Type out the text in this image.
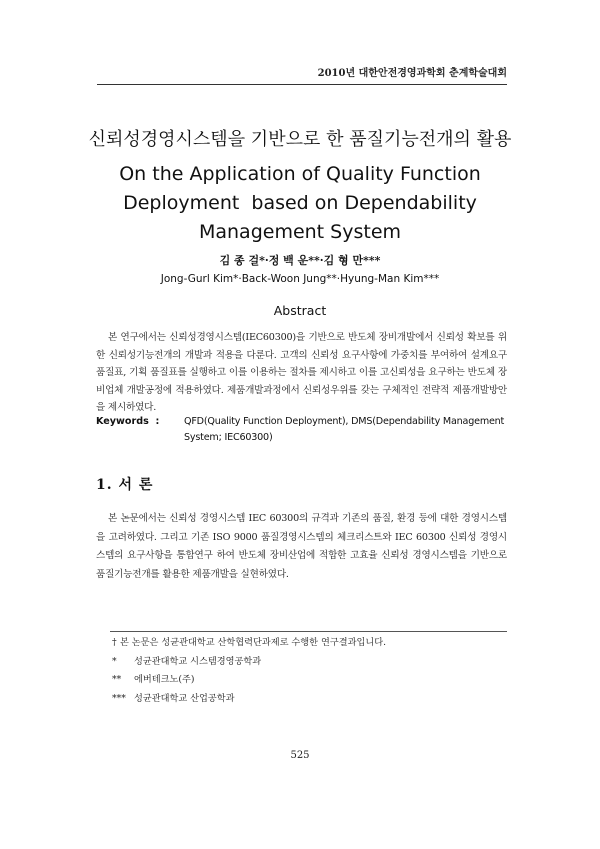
2010년 대한안전경영과학회 춘계학술대회
신뢰성경영시스템을 기반으로 한 품질기능전개의 활용
On the Application of Quality Function
Deployment  based on Dependability
Management System
김 종 걸*·정 백 운**·김 형 만***
Jong-Gurl Kim*·Back-Woon Jung**·Hyung-Man Kim***
Abstract
본 연구에서는 신뢰성경영시스템(IEC60300)을 기반으로 반도체 장비개발에서 신뢰성 확보를 위한 신뢰성기능전개의 개발과 적용을 다룬다. 고객의 신뢰성 요구사항에 가중치를 부여하여 설계요구 품질표, 기획 품질표를 실행하고 이를 이용하는 절차를 제시하고 이를 고신뢰성을 요구하는 반도체 장비업체 개발공정에 적용하였다. 제품개발과정에서 신뢰성우위를 갖는 구체적인 전략적 제품개발방안을 제시하였다.
Keywords  :	QFD(Quality Function Deployment), DMS(Dependability Management System; IEC60300)
1. 서 론
본 논문에서는 신뢰성 경영시스템 IEC 60300의 규격과 기존의 품질, 환경 등에 대한 경영시스템을 고려하였다. 그리고 기존 ISO 9000 품질경영시스템의 체크리스트와 IEC 60300 신뢰성 경영시스템의 요구사항을 통합연구 하여 반도체 장비산업에 적합한 고효율 신뢰성 경영시스템을 기반으로 품질기능전개를 활용한 제품개발을 실현하였다.
† 본 논문은 성균관대학교 산학협력단과제로 수행한 연구결과입니다.
*	성균관대학교 시스템경영공학과
**	에버테크노(주)
*** 성균관대학교 산업공학과
525
